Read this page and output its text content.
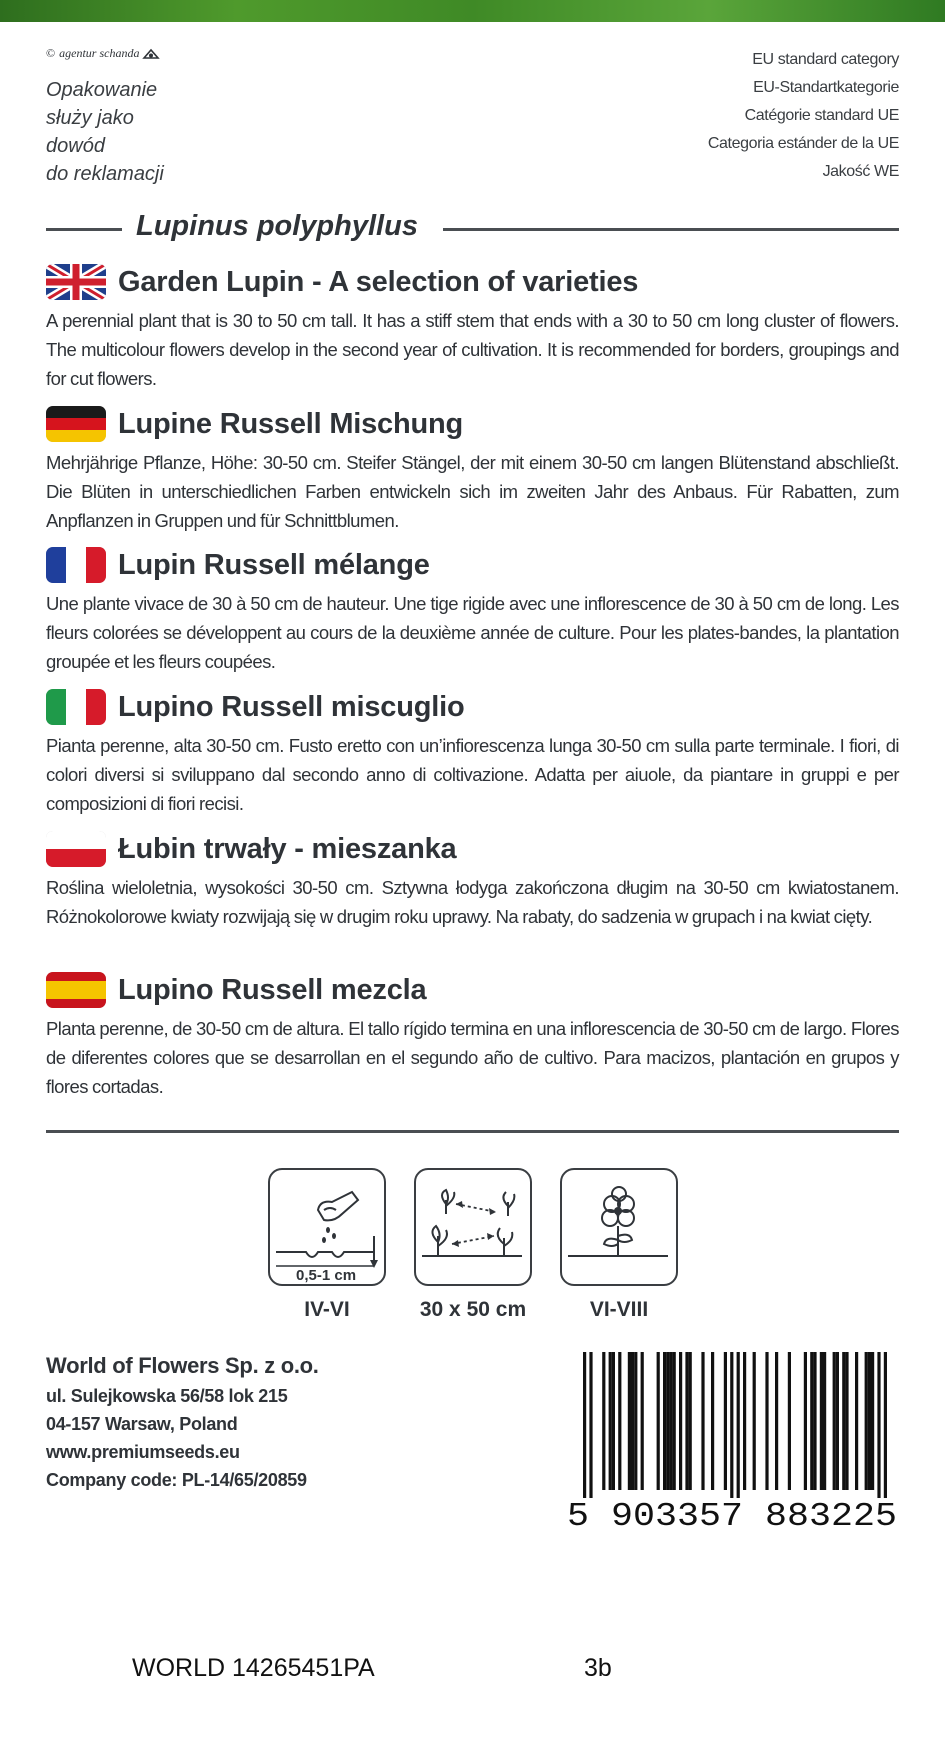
© agentur schanda
Opakowanie
służy jako
dowód
do reklamacji
EU standard category
EU-Standartkategorie
Catégorie standard UE
Categoria estánder de la UE
Jakość WE
Lupinus polyphyllus
Garden Lupin - A selection of varieties
A perennial plant that is 30 to 50 cm tall. It has a stiff stem that ends with a 30 to 50 cm long cluster of flowers. The multicolour flowers develop in the second year of cultivation. It is recommended for borders, groupings and for cut flowers.
Lupine Russell Mischung
Mehrjährige Pflanze, Höhe: 30-50 cm. Steifer Stängel, der mit einem 30-50 cm langen Blütenstand abschließt. Die Blüten in unterschiedlichen Farben entwickeln sich im zweiten Jahr des Anbaus. Für Rabatten, zum Anpflanzen in Gruppen und für Schnittblumen.
Lupin Russell mélange
Une plante vivace de 30 à 50 cm de hauteur. Une tige rigide avec une inflorescence de 30 à 50 cm de long. Les fleurs colorées se développent au cours de la deuxième année de culture. Pour les plates-bandes, la plantation groupée et les fleurs coupées.
Lupino Russell miscuglio
Pianta perenne, alta 30-50 cm. Fusto eretto con un’infiorescenza lunga 30-50 cm sulla parte terminale. I fiori, di colori diversi si sviluppano dal secondo anno di coltivazione. Adatta per aiuole, da piantare in gruppi e per composizioni di fiori recisi.
Łubin trwały - mieszanka
Roślina wieloletnia, wysokości 30-50 cm. Sztywna łodyga zakończona długim na 30-50 cm kwiatostanem. Różnokolorowe kwiaty rozwijają się w drugim roku uprawy. Na rabaty, do sadzenia w grupach i na kwiat cięty.
Lupino Russell mezcla
Planta perenne, de 30-50 cm de altura. El tallo rígido termina en una inflorescencia de 30-50 cm de largo. Flores de diferentes colores que se desarrollan en el segundo año de cultivo. Para macizos, plantación en grupos y flores cortadas.
0,5-1 cm
IV-VI	30 x 50 cm	VI-VIII
World of Flowers Sp. z o.o.
ul. Sulejkowska 56/58 lok 215
04-157 Warsaw, Poland
www.premiumseeds.eu
Company code: PL-14/65/20859
5 903357 883225
WORLD 14265451PA	3b
